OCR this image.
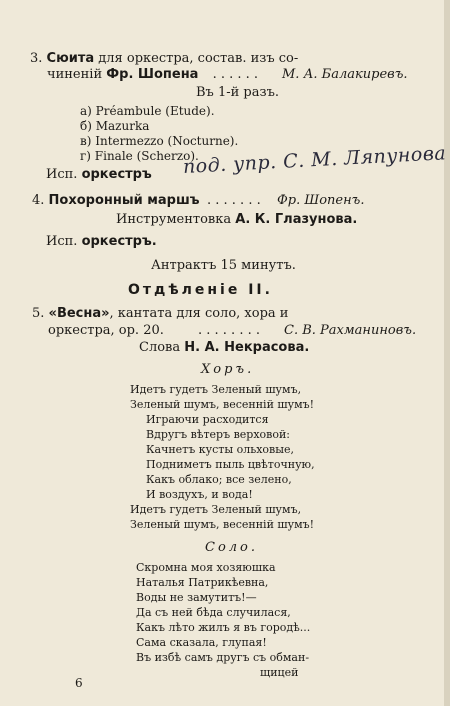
3. Сюита для оркестра, состав. изъ со-
чиненій Фр. Шопена . . . . . . М. А. Балакиревъ.
Въ 1-й разъ.
а) Préambule (Etude).
б) Mazurka
в) Intermezzo (Nocturne).
г) Finale (Scherzo).
Исп. оркестръ под. упр. С. М. Ляпунова
4. Похоронный маршъ . . . . . . . Фр. Шопенъ.
Инструментовка А. К. Глазунова.
Исп. оркестръ.
Антрактъ 15 минутъ.
Отдѣленіе II.
5. «Весна», кантата для соло, хора и
оркестра, ор. 20.	. . . . . . . . С. В. Рахманиновъ.
Слова Н. А. Некрасова.
Хоръ.
Идетъ гудетъ Зеленый шумъ,
Зеленый шумъ, весенній шумъ!
Играючи расходится
Вдругъ вѣтеръ верховой:
Качнетъ кусты ольховые,
Подниметъ пыль цвѣточную,
Какъ облако; все зелено,
И воздухъ, и вода!
Идетъ гудетъ Зеленый шумъ,
Зеленый шумъ, весенній шумъ!
Соло.
Скромна моя хозяюшка
Наталья Патрикѣевна,
Воды не замутитъ!—
Да съ ней бѣда случилася,
Какъ лѣто жилъ я въ городѣ...
Сама сказала, глупая!
Въ избѣ самъ другъ съ обман-
щицей
6
